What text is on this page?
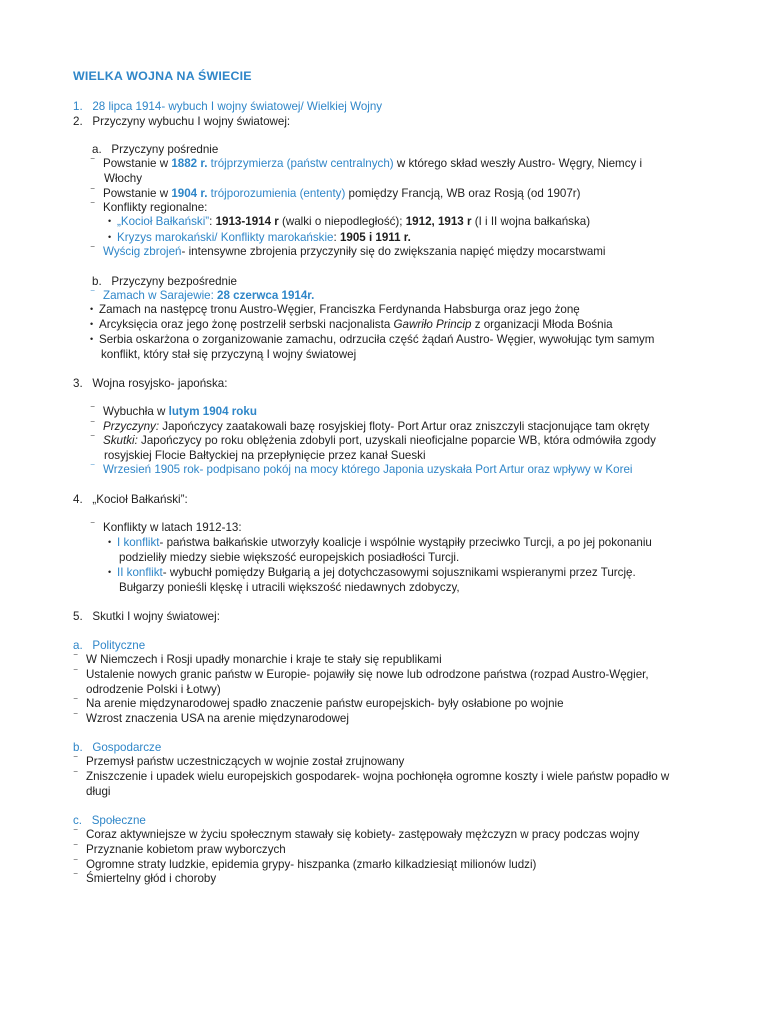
WIELKA WOJNA NA ŚWIECIE
1. 28 lipca 1914- wybuch I wojny światowej/ Wielkiej Wojny
2. Przyczyny wybuchu I wojny światowej:
a. Przyczyny pośrednie
⁻ Powstanie w 1882 r. trójprzymierza (państw centralnych) w którego skład weszły Austro- Węgry, Niemcy i
Włochy
⁻ Powstanie w 1904 r. trójporozumienia (ententy) pomiędzy Francją, WB oraz Rosją (od 1907r)
⁻ Konflikty regionalne:
• „Kocioł Bałkański”: 1913-1914 r (walki o niepodległość); 1912, 1913 r (I i II wojna bałkańska)
• Kryzys marokański/ Konflikty marokańskie: 1905 i 1911 r.
⁻ Wyścig zbrojeń- intensywne zbrojenia przyczyniły się do zwiększania napięć między mocarstwami
b. Przyczyny bezpośrednie
⁻ Zamach w Sarajewie: 28 czerwca 1914r.
• Zamach na następcę tronu Austro-Węgier, Franciszka Ferdynanda Habsburga oraz jego żonę
• Arcyksięcia oraz jego żonę postrzelił serbski nacjonalista Gawriło Princip z organizacji Młoda Bośnia
• Serbia oskarżona o zorganizowanie zamachu, odrzuciła część żądań Austro- Węgier, wywołując tym samym
konflikt, który stał się przyczyną I wojny światowej
3. Wojna rosyjsko- japońska:
⁻ Wybuchła w lutym 1904 roku
⁻ Przyczyny: Japończycy zaatakowali bazę rosyjskiej floty- Port Artur oraz zniszczyli stacjonujące tam okręty
⁻ Skutki: Japończycy po roku oblężenia zdobyli port, uzyskali nieoficjalne poparcie WB, która odmówiła zgody
rosyjskiej Flocie Bałtyckiej na przepłynięcie przez kanał Sueski
⁻ Wrzesień 1905 rok- podpisano pokój na mocy którego Japonia uzyskała Port Artur oraz wpływy w Korei
4. „Kocioł Bałkański”:
⁻ Konflikty w latach 1912-13:
• I konflikt- państwa bałkańskie utworzyły koalicje i wspólnie wystąpiły przeciwko Turcji, a po jej pokonaniu
podzieliły miedzy siebie większość europejskich posiadłości Turcji.
• II konflikt- wybuchł pomiędzy Bułgarią a jej dotychczasowymi sojusznikami wspieranymi przez Turcję.
Bułgarzy ponieśli klęskę i utracili większość niedawnych zdobyczy,
5. Skutki I wojny światowej:
a. Polityczne
⁻ W Niemczech i Rosji upadły monarchie i kraje te stały się republikami
⁻ Ustalenie nowych granic państw w Europie- pojawiły się nowe lub odrodzone państwa (rozpad Austro-Węgier,
odrodzenie Polski i Łotwy)
⁻ Na arenie międzynarodowej spadło znaczenie państw europejskich- były osłabione po wojnie
⁻ Wzrost znaczenia USA na arenie międzynarodowej
b. Gospodarcze
⁻ Przemysł państw uczestniczących w wojnie został zrujnowany
⁻ Zniszczenie i upadek wielu europejskich gospodarek- wojna pochłonęła ogromne koszty i wiele państw popadło w
długi
c. Społeczne
⁻ Coraz aktywniejsze w życiu społecznym stawały się kobiety- zastępowały mężczyzn w pracy podczas wojny
⁻ Przyznanie kobietom praw wyborczych
⁻ Ogromne straty ludzkie, epidemia grypy- hiszpanka (zmarło kilkadziesiąt milionów ludzi)
⁻ Śmiertelny głód i choroby
